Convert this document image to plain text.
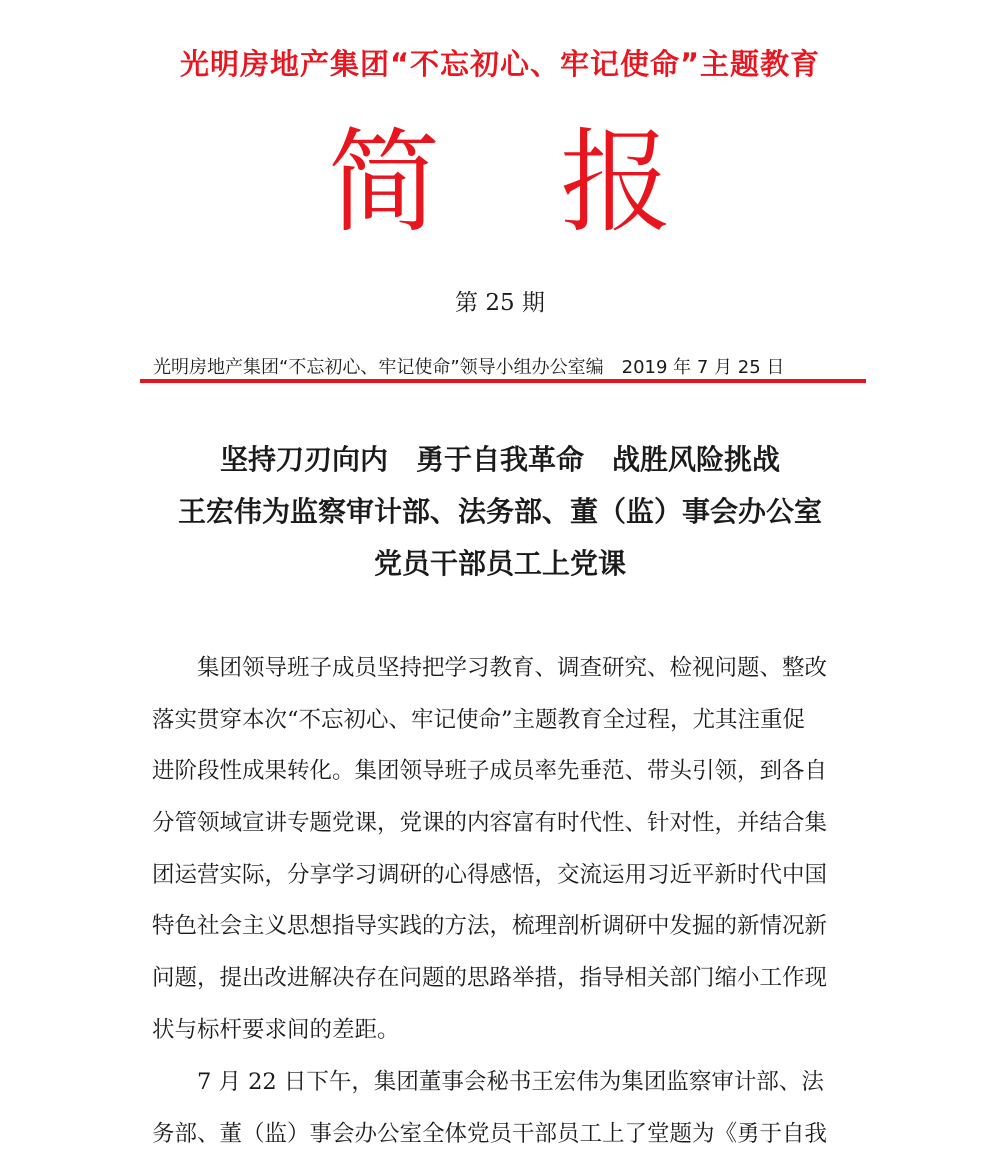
光明房地产集团“不忘初心、牢记使命”主题教育
简 报
第 25 期
光明房地产集团“不忘初心、牢记使命”领导小组办公室编 2019 年 7 月 25 日
坚持刀刃向内　勇于自我革命　战胜风险挑战
王宏伟为监察审计部、法务部、董（监）事会办公室
党员干部员工上党课
　　集团领导班子成员坚持把学习教育、调查研究、检视问题、整改
落实贯穿本次“不忘初心、牢记使命”主题教育全过程，尤其注重促
进阶段性成果转化。集团领导班子成员率先垂范、带头引领，到各自
分管领域宣讲专题党课，党课的内容富有时代性、针对性，并结合集
团运营实际，分享学习调研的心得感悟，交流运用习近平新时代中国
特色社会主义思想指导实践的方法，梳理剖析调研中发掘的新情况新
问题，提出改进解决存在问题的思路举措，指导相关部门缩小工作现
状与标杆要求间的差距。
　　7 月 22 日下午，集团董事会秘书王宏伟为集团监察审计部、法
务部、董（监）事会办公室全体党员干部员工上了堂题为《勇于自我
